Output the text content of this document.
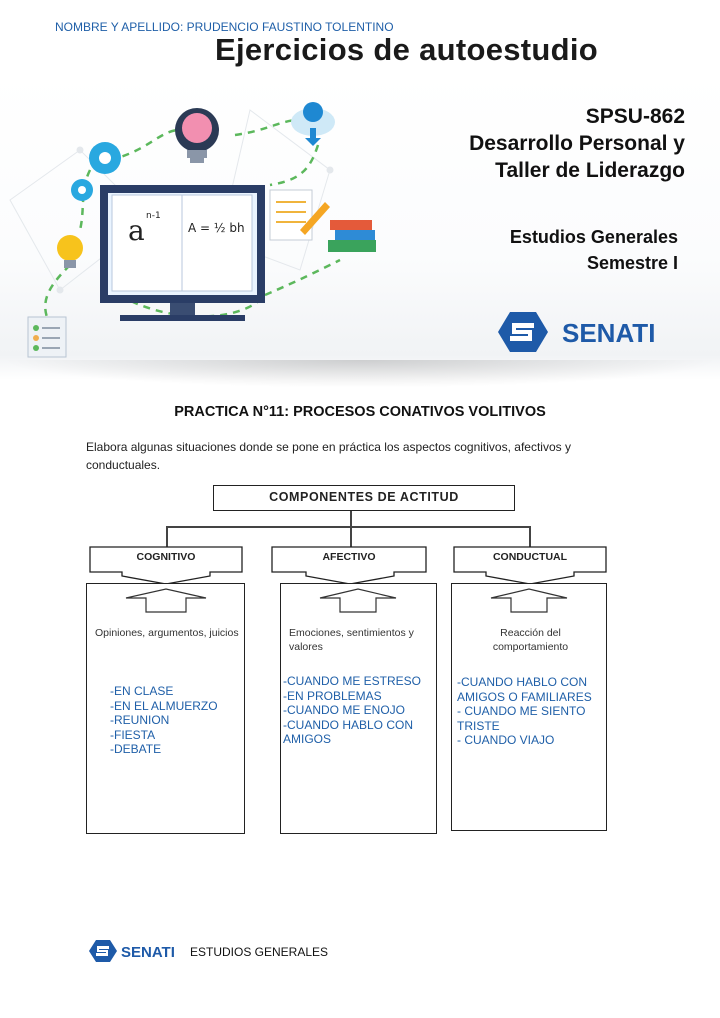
NOMBRE Y APELLIDO: PRUDENCIO FAUSTINO TOLENTINO
Ejercicios de autoestudio
a n-1
A = ½ bh
SPSU-862
Desarrollo Personal y
Taller de Liderazgo
Estudios Generales
Semestre I
SENATI
PRACTICA N°11: PROCESOS CONATIVOS VOLITIVOS
Elabora algunas situaciones donde se pone en práctica los aspectos cognitivos, afectivos y conductuales.
COMPONENTES DE ACTITUD
COGNITIVO	AFECTIVO	CONDUCTUAL
Opiniones, argumentos, juicios	Emociones, sentimientos y valores
Reacción del comportamiento
-EN CLASE
-EN EL ALMUERZO
-REUNION
-FIESTA
-DEBATE
-CUANDO ME ESTRESO
-EN PROBLEMAS
-CUANDO ME ENOJO
-CUANDO HABLO CON
AMIGOS
-CUANDO HABLO CON
AMIGOS O FAMILIARES
- CUANDO ME SIENTO
TRISTE
- CUANDO VIAJO
SENATI ESTUDIOS GENERALES
